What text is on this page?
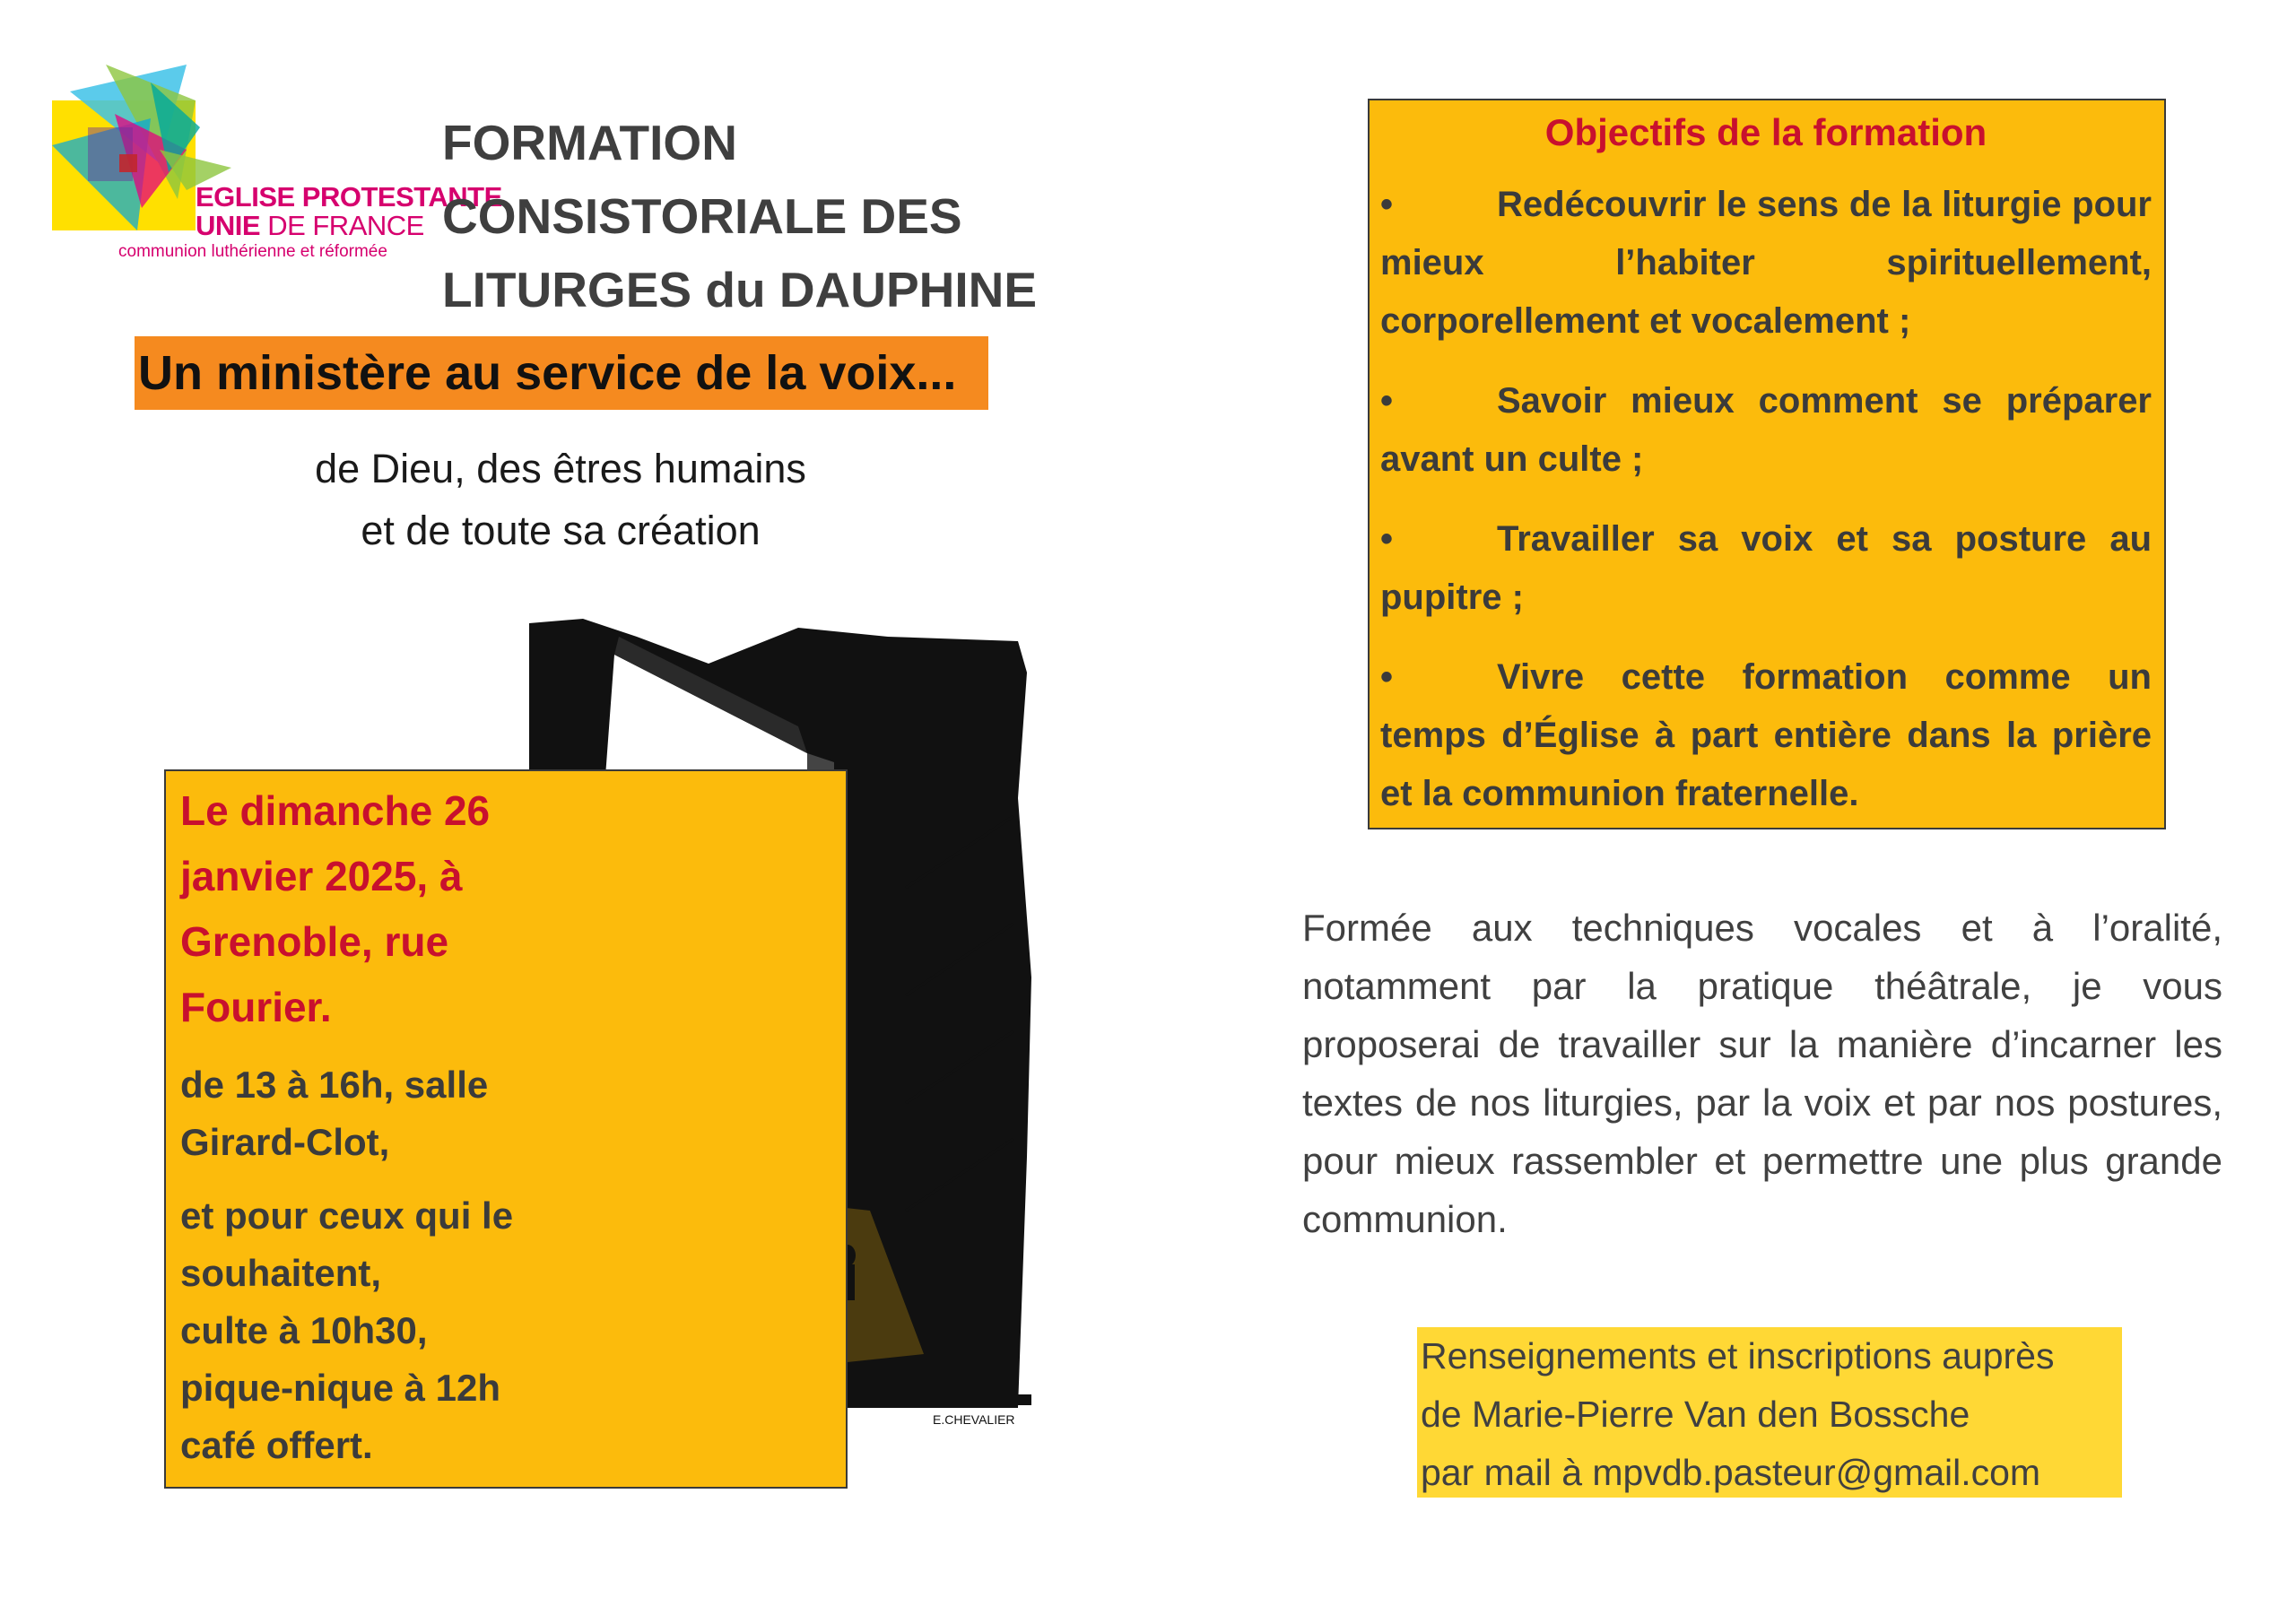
EGLISE PROTESTANTE
UNIE DE FRANCE
communion luthérienne et réformée
FORMATION
CONSISTORIALE DES
LITURGES du DAUPHINE
Un ministère au service de la voix...
de Dieu, des êtres humains
et de toute sa création
E.CHEVALIER
Le dimanche 26 janvier 2025, à Grenoble, rue Fourier.
de 13 à 16h, salle
Girard-Clot,
et pour ceux qui le
souhaitent,
culte à 10h30,
pique-nique à 12h
café offert.
Objectifs de la formation
•	Redécouvrir le sens de la liturgie pour mieux l’habiter spirituellement, corporellement et vocalement ;
•	Savoir mieux comment se préparer avant un culte ;
•	Travailler sa voix et sa posture au pupitre ;
•	Vivre cette formation comme un temps d’Église à part entière dans la prière et la communion fraternelle.
Formée aux techniques vocales et à l’oralité, notamment par la pratique théâtrale, je vous proposerai de travailler sur la manière d’incarner les textes de nos liturgies, par la voix et par nos postures, pour mieux rassembler et permettre une plus grande communion.
Renseignements et inscriptions auprès
de Marie-Pierre Van den Bossche
par mail à mpvdb.pasteur@gmail.com
